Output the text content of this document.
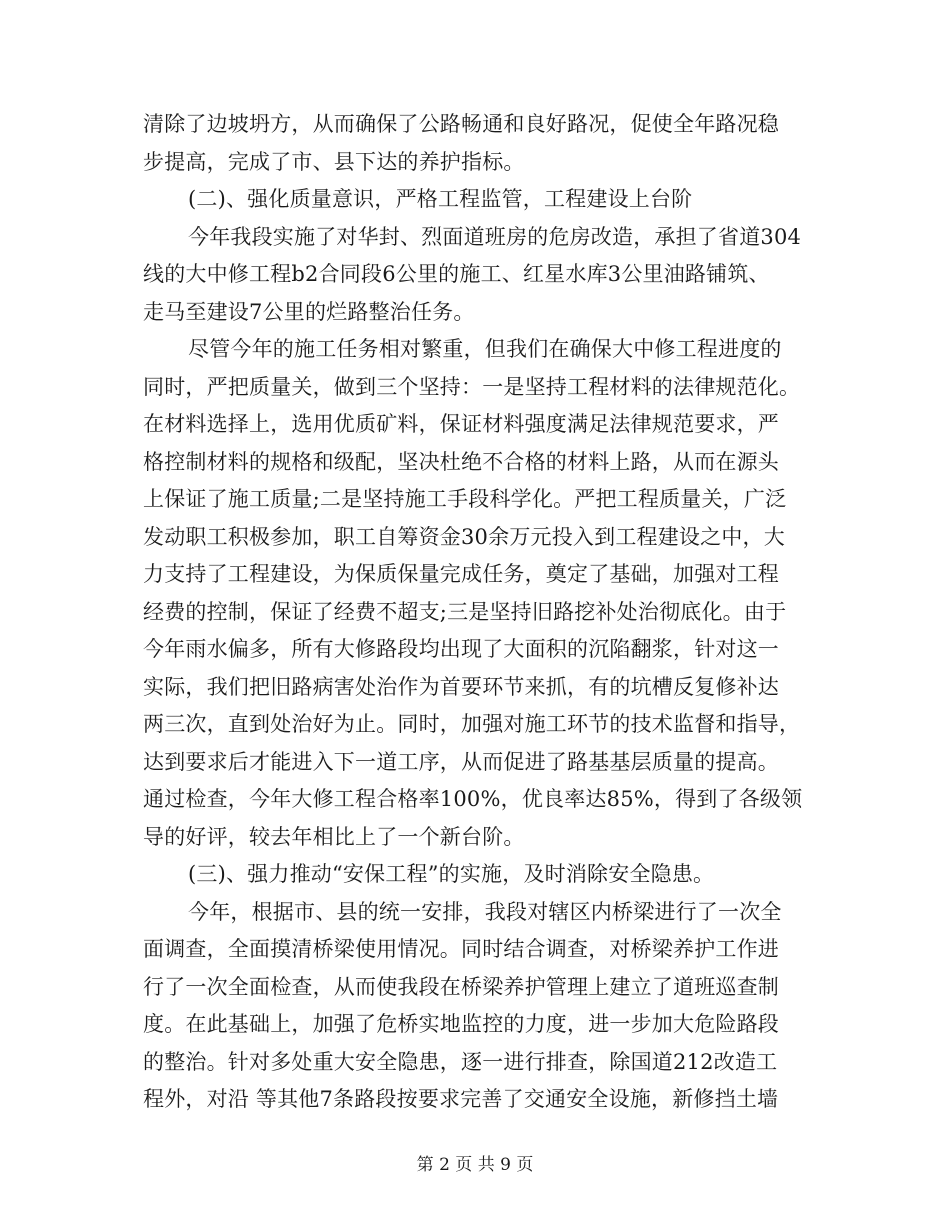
清除了边坡坍方，从而确保了公路畅通和良好路况，促使全年路况稳
步提高，完成了市、县下达的养护指标。
(二)、强化质量意识，严格工程监管，工程建设上台阶
今年我段实施了对华封、烈面道班房的危房改造，承担了省道304
线的大中修工程b2合同段6公里的施工、红星水库3公里油路铺筑、
走马至建设7公里的烂路整治任务。
尽管今年的施工任务相对繁重，但我们在确保大中修工程进度的
同时，严把质量关，做到三个坚持：一是坚持工程材料的法律规范化。
在材料选择上，选用优质矿料，保证材料强度满足法律规范要求，严
格控制材料的规格和级配，坚决杜绝不合格的材料上路，从而在源头
上保证了施工质量;二是坚持施工手段科学化。严把工程质量关，广泛
发动职工积极参加，职工自筹资金30余万元投入到工程建设之中，大
力支持了工程建设，为保质保量完成任务，奠定了基础，加强对工程
经费的控制，保证了经费不超支;三是坚持旧路挖补处治彻底化。由于
今年雨水偏多，所有大修路段均出现了大面积的沉陷翻浆，针对这一
实际，我们把旧路病害处治作为首要环节来抓，有的坑槽反复修补达
两三次，直到处治好为止。同时，加强对施工环节的技术监督和指导，
达到要求后才能进入下一道工序，从而促进了路基基层质量的提高。
通过检查，今年大修工程合格率100%，优良率达85%，得到了各级领
导的好评，较去年相比上了一个新台阶。
(三)、强力推动“安保工程”的实施，及时消除安全隐患。
今年，根据市、县的统一安排，我段对辖区内桥梁进行了一次全
面调查，全面摸清桥梁使用情况。同时结合调查，对桥梁养护工作进
行了一次全面检查，从而使我段在桥梁养护管理上建立了道班巡查制
度。在此基础上，加强了危桥实地监控的力度，进一步加大危险路段
的整治。针对多处重大安全隐患，逐一进行排查，除国道212改造工
程外，对沿 等其他7条路段按要求完善了交通安全设施，新修挡土墙
第 2 页 共 9 页
